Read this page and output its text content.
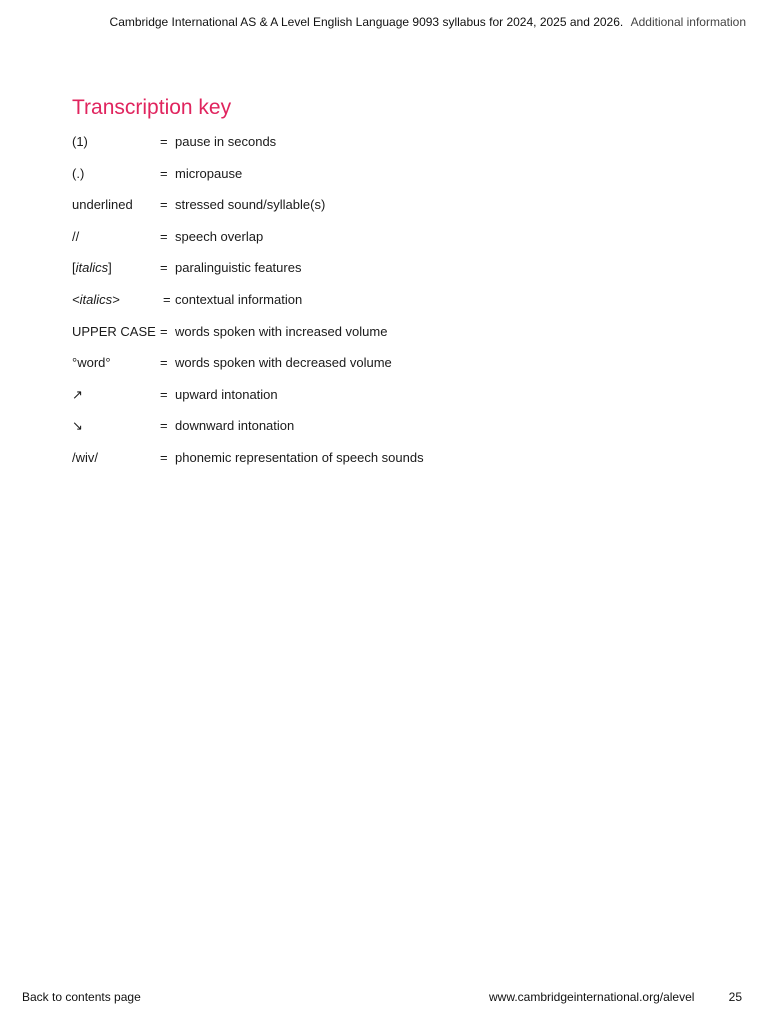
Cambridge International AS & A Level English Language 9093 syllabus for 2024, 2025 and 2026. Additional information
Transcription key
(1)	= pause in seconds
(.)	= micropause
underlined	= stressed sound/syllable(s)
//	= speech overlap
[italics]	= paralinguistic features
<italics>	= contextual information
UPPER CASE = words spoken with increased volume
°word°	= words spoken with decreased volume
↗	= upward intonation
↘	= downward intonation
/wiv/	= phonemic representation of speech sounds
Back to contents page	www.cambridgeinternational.org/alevel	25
